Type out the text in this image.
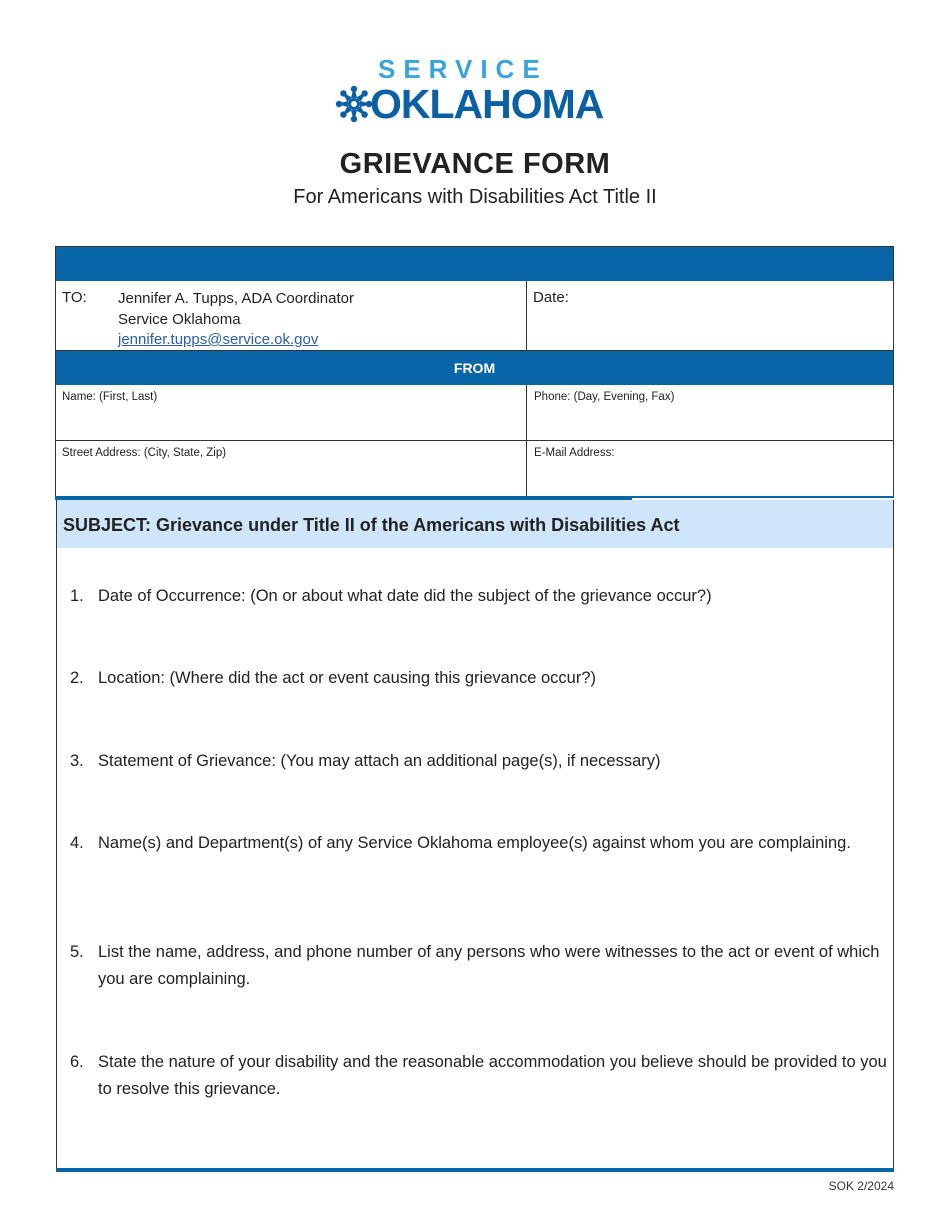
SERVICE
OKLAHOMA
GRIEVANCE FORM
For Americans with Disabilities Act Title II
TO: Jennifer A. Tupps, ADA Coordinator
Service Oklahoma
jennifer.tupps@service.ok.gov
Date:
FROM
Name: (First, Last)	Phone: (Day, Evening, Fax)
Street Address: (City, State, Zip)	E-Mail Address:
SUBJECT: Grievance under Title II of the Americans with Disabilities Act
1. Date of Occurrence: (On or about what date did the subject of the grievance occur?)
2. Location: (Where did the act or event causing this grievance occur?)
3. Statement of Grievance: (You may attach an additional page(s), if necessary)
4. Name(s) and Department(s) of any Service Oklahoma employee(s) against whom you are complaining.
5. List the name, address, and phone number of any persons who were witnesses to the act or event of which you are complaining.
6. State the nature of your disability and the reasonable accommodation you believe should be provided to you to resolve this grievance.
SOK 2/2024
